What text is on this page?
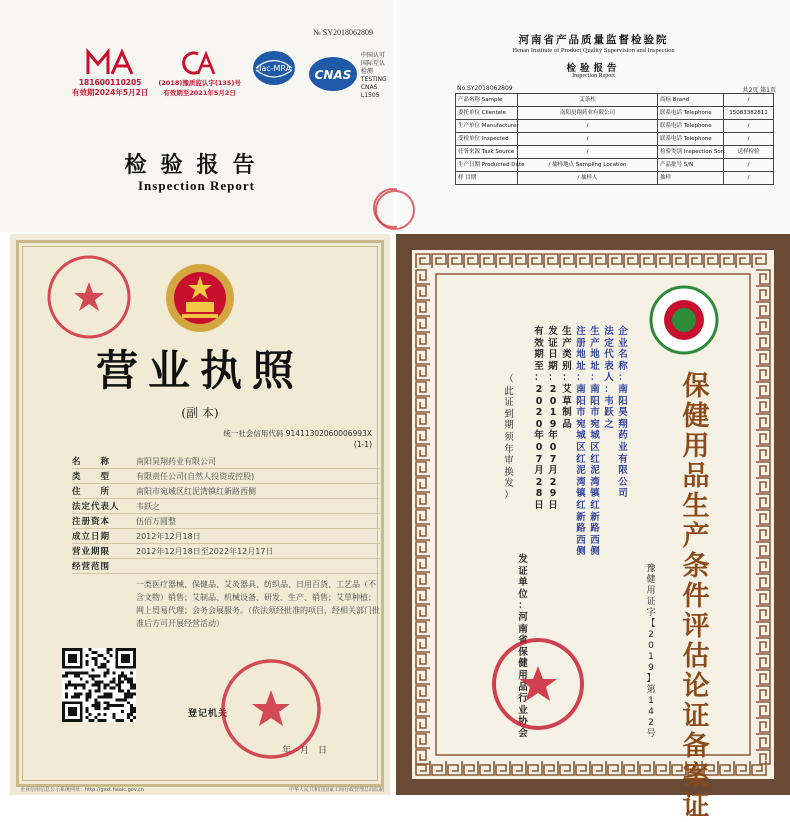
№ SY2018062809
181600110205
有效期2024年5月2日
(2018)豫质监认字(135)号
有效期至2021年5月2日
ilac-MRA CNAS
中国认可
国际互认
检测
TESTING
CNAS L1505
检验报告
Inspection Report
河南省产品质量监督检验院
Henan Institute of Product Quality Supervision and Inspection
检验报告
Inspection Report
No.SY2018062809	共2页 第1页
产品名称 Sample	艾条柱	商标 Brand	/
委托单位 Clientele	南阳昊翔药业有限公司	联系电话 Telephone	15083382811
生产单位 Manufacturer	/	联系电话 Telephone	/
受检单位 Inspected	/	联系电话 Telephone	/
任务来源 Task Source	/	检验类别 Inspection Sort	送样检验
生产日期 Producted Date	/ 抽样地点 Sampling Location	产品批号 S/N	/
样 目期	/ 抽样人	抽样	/
营业执照
(副 本)
统一社会信用代码 91411302060006993X
(1-1)
名　　称	南阳昊翔药业有限公司
类　　型	有限责任公司(自然人投资或控股)
住　　所	南阳市宛城区红泥湾镇红新路西侧
法定代表人	韦跃之
注册资本	伍佰万圆整
成立日期	2012年12月18日
营业期限	2012年12月18日至2022年12月17日
经营范围
一类医疗器械、保健品、艾灸器具、纺织品、日用百货、工艺品（不含文物）销售；艾制品、机械设备、研发、生产、销售；艾草种植；网上贸易代理；会务会展服务。（依法须经批准的项目，经相关部门批准后方可开展经营活动）
登记机关
年　月　日
企业信用信息公示系统网址：http://gsxt.haaic.gov.cn	中华人民共和国国家工商行政管理总局监制
保
健
用
品
生
产
条
件
评
估
论
证
备
案
证
豫
健
用
证
字
【
2
0
1
9
】
第
1
4
2
号
企
业
名
称
：
南
阳
昊
翔
药
业
有
限
公
司
法
定
代
表
人
：
韦
跃
之
生
产
地
址
：
南
阳
市
宛
城
区
红
泥
湾
镇
红
新
路
西
侧
注
册
地
址
：
南
阳
市
宛
城
区
红
泥
湾
镇
红
新
路
西
侧
生
产
类
别
：
艾
草
制
品
发
证
日
期
：
2
0
1
9
年
0
7
月
2
9
日
有
效
期
至
：
2
0
2
0
年
0
7
月
2
8
日
发
证
单
位
：
河
南
省
保
健
用
品
行
业
协
会
（
此
证
到
期
须
年
审
换
发
）
